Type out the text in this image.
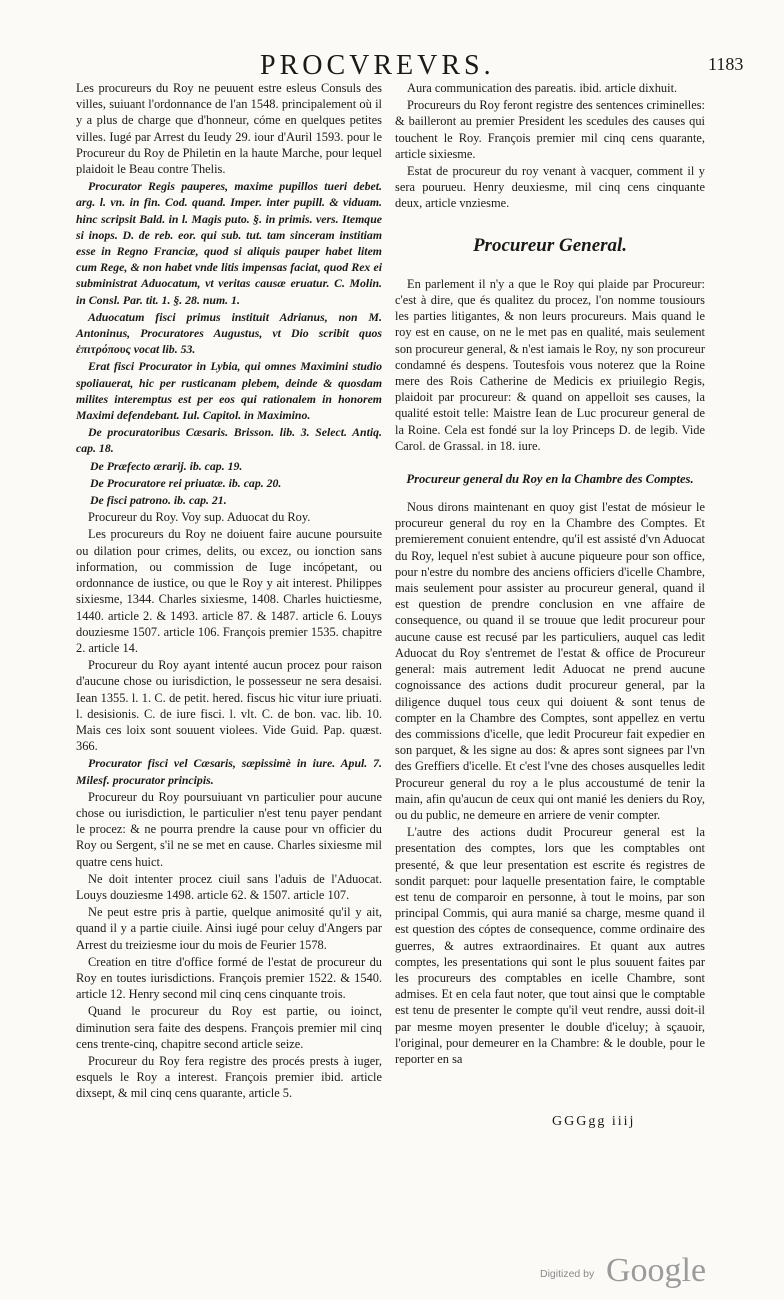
PROCVREVRS.	1183

Les procureurs du Roy ne peuuent estre esleus Consuls des villes, suiuant l'ordonnance de l'an 1548. principalement où il y a plus de charge que d'honneur, cóme en quelques petites villes. Iugé par Arrest du Ieudy 29. iour d'Auril 1593. pour le Procureur du Roy de Philetin en la haute Marche, pour lequel plaidoit le Beau contre Thelis.

Procurator Regis pauperes, maxime pupillos tueri debet. arg. l. vn. in fin. Cod. quand. Imper. inter pupill. & viduam. hinc scripsit Bald. in l. Magis puto. §. in primis. vers. Itemque si inops. D. de reb. eor. qui sub. tut. tam sinceram institiam esse in Regno Franciæ, quod si aliquis pauper habet litem cum Rege, & non habet vnde litis impensas faciat, quod Rex ei subministrat Aduocatum, vt veritas causæ eruatur. C. Molin. in Consl. Par. tit. 1. §. 28. num. 1.

Aduocatum fisci primus instituit Adrianus, non M. Antoninus, Procuratores Augustus, vt Dio scribit quos ἐπιτρόπους vocat lib. 53.

Erat fisci Procurator in Lybia, qui omnes Maximini studio spoliauerat, hic per rusticanam plebem, deinde & quosdam milites interemptus est per eos qui rationalem in honorem Maximi defendebant. Iul. Capitol. in Maximino.

De procuratoribus Cæsaris. Brisson. lib. 3. Select. Antiq. cap. 18.

De Præfecto ærarij. ib. cap. 19.

De Procuratore rei priuatæ. ib. cap. 20.

De fisci patrono. ib. cap. 21.

Procureur du Roy. Voy sup. Aduocat du Roy.

Les procureurs du Roy ne doiuent faire aucune poursuite ou dilation pour crimes, delits, ou excez, ou ionction sans information, ou commission de Iuge incópetant, ou ordonnance de iustice, ou que le Roy y ait interest. Philippes sixiesme, 1344. Charles sixiesme, 1408. Charles huictiesme, 1440. article 2. & 1493. article 87. & 1487. article 6. Louys douziesme 1507. article 106. François premier 1535. chapitre 2. article 14.

Procureur du Roy ayant intenté aucun procez pour raison d'aucune chose ou iurisdiction, le possesseur ne sera desaisi. Iean 1355. l. 1. C. de petit. hered. fiscus hic vitur iure priuati. l. desisionis. C. de iure fisci. l. vlt. C. de bon. vac. lib. 10. Mais ces loix sont souuent violees. Vide Guid. Pap. quæst. 366.

Procurator fisci vel Cæsaris, sæpissimè in iure. Apul. 7. Milesf. procurator principis.

Procureur du Roy poursuiuant vn particulier pour aucune chose ou iurisdiction, le particulier n'est tenu payer pendant le procez: & ne pourra prendre la cause pour vn officier du Roy ou Sergent, s'il ne se met en cause. Charles sixiesme mil quatre cens huict.

Ne doit intenter procez ciuil sans l'aduis de l'Aduocat. Louys douziesme 1498. article 62. & 1507. article 107.

Ne peut estre pris à partie, quelque animosité qu'il y ait, quand il y a partie ciuile. Ainsi iugé pour celuy d'Angers par Arrest du treiziesme iour du mois de Feurier 1578.

Creation en titre d'office formé de l'estat de procureur du Roy en toutes iurisdictions. François premier 1522. & 1540. article 12. Henry second mil cinq cens cinquante trois.

Quand le procureur du Roy est partie, ou ioinct, diminution sera faite des despens. François premier mil cinq cens trente-cinq, chapitre second article seize.

Procureur du Roy fera registre des procés prests à iuger, esquels le Roy a interest. François premier ibid. article dixsept, & mil cinq cens quarante, article 5.

Aura communication des pareatis. ibid. article dixhuit.

Procureurs du Roy feront registre des sentences criminelles: & bailleront au premier President les scedules des causes qui touchent le Roy. François premier mil cinq cens quarante, article sixiesme.

Estat de procureur du roy venant à vacquer, comment il y sera pourueu. Henry deuxiesme, mil cinq cens cinquante deux, article vnziesme.

Procureur General.

En parlement il n'y a que le Roy qui plaide par Procureur: c'est à dire, que és qualitez du procez, l'on nomme tousiours les parties litigantes, & non leurs procureurs. Mais quand le roy est en cause, on ne le met pas en qualité, mais seulement son procureur general, & n'est iamais le Roy, ny son procureur condamné és despens. Toutesfois vous noterez que la Roine mere des Rois Catherine de Medicis ex priuilegio Regis, plaidoit par procureur: & quand on appelloit ses causes, la qualité estoit telle: Maistre Iean de Luc procureur general de la Roine. Cela est fondé sur la loy Princeps D. de legib. Vide Carol. de Grassal. in 18. iure.

Procureur general du Roy en la Chambre des Comptes.

Nous dirons maintenant en quoy gist l'estat de mósieur le procureur general du roy en la Chambre des Comptes. Et premierement conuient entendre, qu'il est assisté d'vn Aduocat du Roy, lequel n'est subiet à aucune piqueure pour son office, pour n'estre du nombre des anciens officiers d'icelle Chambre, mais seulement pour assister au procureur general, quand il est question de prendre conclusion en vne affaire de consequence, ou quand il se trouue que ledit procureur pour aucune cause est recusé par les particuliers, auquel cas ledit Aduocat du Roy s'entremet de l'estat & office de Procureur general: mais autrement ledit Aduocat ne prend aucune cognoissance des actions dudit procureur general, par la diligence duquel tous ceux qui doiuent & sont tenus de compter en la Chambre des Comptes, sont appellez en vertu des commissions d'icelle, que ledit Procureur fait expedier en son parquet, & les signe au dos: & apres sont signees par l'vn des Greffiers d'icelle. Et c'est l'vne des choses ausquelles ledit Procureur general du roy a le plus accoustumé de tenir la main, afin qu'aucun de ceux qui ont manié les deniers du Roy, ou du public, ne demeure en arriere de venir compter.

L'autre des actions dudit Procureur general est la presentation des comptes, lors que les comptables ont presenté, & que leur presentation est escrite és registres de sondit parquet: pour laquelle presentation faire, le comptable est tenu de comparoir en personne, à tout le moins, par son principal Commis, qui aura manié sa charge, mesme quand il est question des cóptes de consequence, comme ordinaire des guerres, & autres extraordinaires. Et quant aux autres comptes, les presentations qui sont le plus souuent faites par les procureurs des comptables en icelle Chambre, sont admises. Et en cela faut noter, que tout ainsi que le comptable est tenu de presenter le compte qu'il veut rendre, aussi doit-il par mesme moyen presenter le double d'iceluy; à sçauoir, l'original, pour demeurer en la Chambre: & le double, pour le reporter en sa

GGGgg iiij
Digitized by Google
